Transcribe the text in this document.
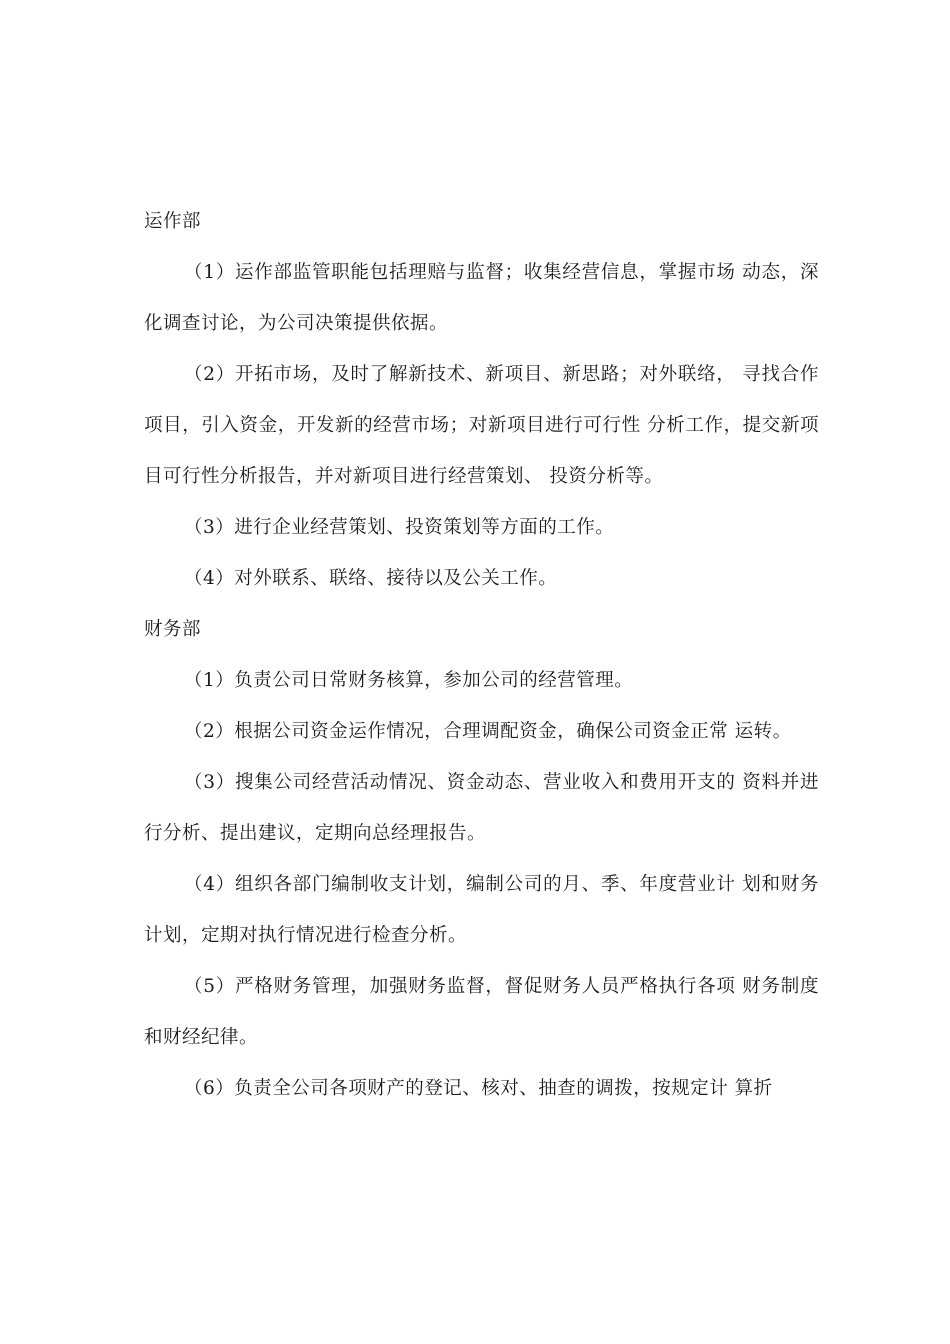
运作部

（1）运作部监管职能包括理赔与监督；收集经营信息，掌握市场 动态，深化调查讨论，为公司决策提供依据。

（2）开拓市场，及时了解新技术、新项目、新思路；对外联络， 寻找合作项目，引入资金，开发新的经营市场；对新项目进行可行性 分析工作，提交新项目可行性分析报告，并对新项目进行经营策划、 投资分析等。

（3）进行企业经营策划、投资策划等方面的工作。

（4）对外联系、联络、接待以及公关工作。

财务部

（1）负责公司日常财务核算，参加公司的经营管理。

（2）根据公司资金运作情况，合理调配资金，确保公司资金正常 运转。

（3）搜集公司经营活动情况、资金动态、营业收入和费用开支的 资料并进行分析、提出建议，定期向总经理报告。

（4）组织各部门编制收支计划，编制公司的月、季、年度营业计 划和财务计划，定期对执行情况进行检查分析。

（5）严格财务管理，加强财务监督，督促财务人员严格执行各项 财务制度和财经纪律。

（6）负责全公司各项财产的登记、核对、抽查的调拨，按规定计 算折
